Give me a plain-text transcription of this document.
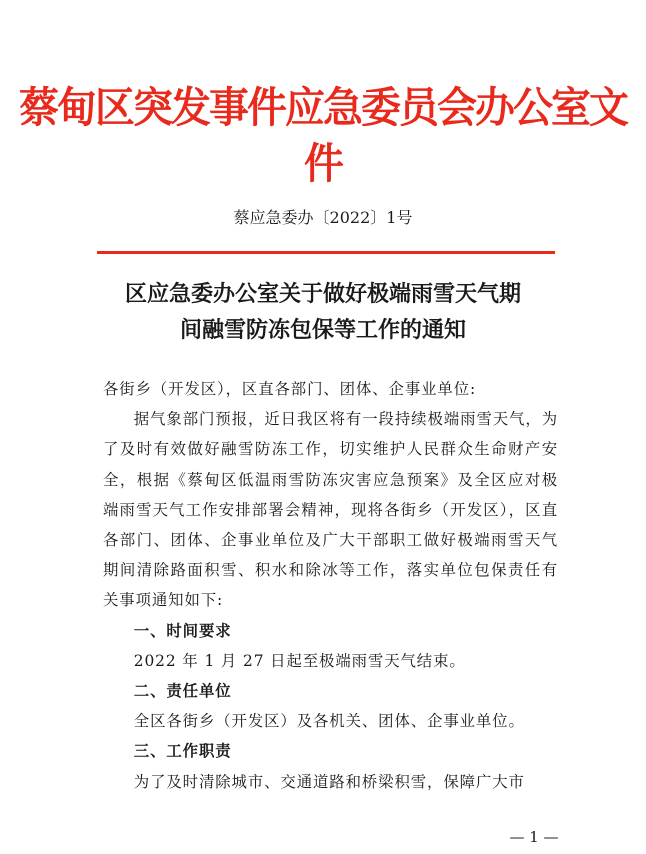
蔡甸区突发事件应急委员会办公室文件
蔡应急委办〔2022〕1号
区应急委办公室关于做好极端雨雪天气期
间融雪防冻包保等工作的通知

各街乡（开发区），区直各部门、团体、企事业单位:

据气象部门预报，近日我区将有一段持续极端雨雪天气，为了及时有效做好融雪防冻工作，切实维护人民群众生命财产安全，根据《蔡甸区低温雨雪防冻灾害应急预案》及全区应对极端雨雪天气工作安排部署会精神，现将各街乡（开发区），区直各部门、团体、企事业单位及广大干部职工做好极端雨雪天气期间清除路面积雪、积水和除冰等工作，落实单位包保责任有关事项通知如下:

一、时间要求

2022 年 1 月 27 日起至极端雨雪天气结束。

二、责任单位

全区各街乡（开发区）及各机关、团体、企事业单位。

三、工作职责

为了及时清除城市、交通道路和桥梁积雪，保障广大市

— 1 —
